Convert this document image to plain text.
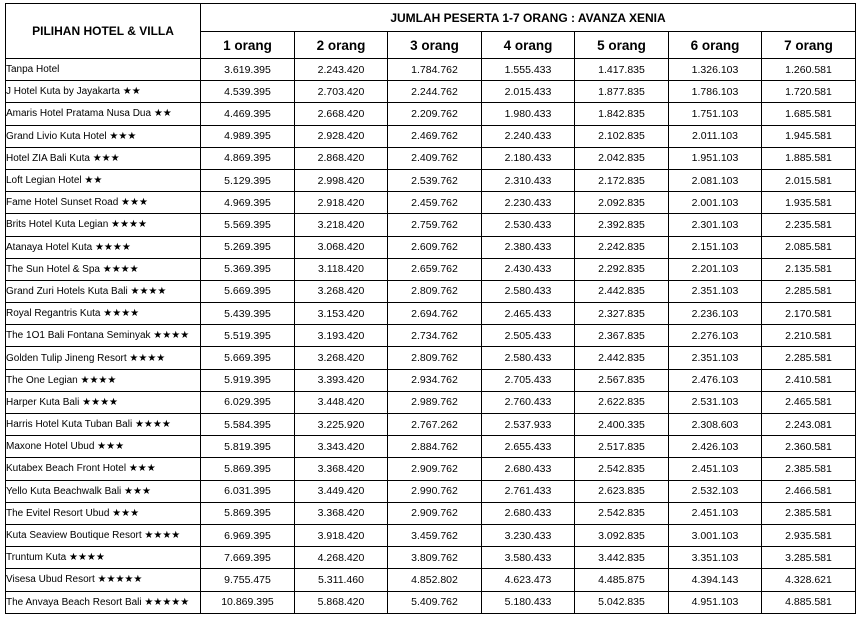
PILIHAN HOTEL & VILLA	JUMLAH PESERTA 1-7 ORANG : AVANZA XENIA						
	1 orang	2 orang	3 orang	4 orang	5 orang	6 orang	7 orang
Tanpa Hotel	3.619.395	2.243.420	1.784.762	1.555.433	1.417.835	1.326.103	1.260.581
J Hotel Kuta by Jayakarta ★★	4.539.395	2.703.420	2.244.762	2.015.433	1.877.835	1.786.103	1.720.581
Amaris Hotel Pratama Nusa Dua ★★	4.469.395	2.668.420	2.209.762	1.980.433	1.842.835	1.751.103	1.685.581
Grand Livio Kuta Hotel ★★★	4.989.395	2.928.420	2.469.762	2.240.433	2.102.835	2.011.103	1.945.581
Hotel ZIA Bali Kuta ★★★	4.869.395	2.868.420	2.409.762	2.180.433	2.042.835	1.951.103	1.885.581
Loft Legian Hotel ★★	5.129.395	2.998.420	2.539.762	2.310.433	2.172.835	2.081.103	2.015.581
Fame Hotel Sunset Road ★★★	4.969.395	2.918.420	2.459.762	2.230.433	2.092.835	2.001.103	1.935.581
Brits Hotel Kuta Legian ★★★★	5.569.395	3.218.420	2.759.762	2.530.433	2.392.835	2.301.103	2.235.581
Atanaya Hotel Kuta ★★★★	5.269.395	3.068.420	2.609.762	2.380.433	2.242.835	2.151.103	2.085.581
The Sun Hotel & Spa ★★★★	5.369.395	3.118.420	2.659.762	2.430.433	2.292.835	2.201.103	2.135.581
Grand Zuri Hotels Kuta Bali ★★★★	5.669.395	3.268.420	2.809.762	2.580.433	2.442.835	2.351.103	2.285.581
Royal Regantris Kuta ★★★★	5.439.395	3.153.420	2.694.762	2.465.433	2.327.835	2.236.103	2.170.581
The 1O1 Bali Fontana Seminyak ★★★★	5.519.395	3.193.420	2.734.762	2.505.433	2.367.835	2.276.103	2.210.581
Golden Tulip Jineng Resort ★★★★	5.669.395	3.268.420	2.809.762	2.580.433	2.442.835	2.351.103	2.285.581
The One Legian ★★★★	5.919.395	3.393.420	2.934.762	2.705.433	2.567.835	2.476.103	2.410.581
Harper Kuta Bali ★★★★	6.029.395	3.448.420	2.989.762	2.760.433	2.622.835	2.531.103	2.465.581
Harris Hotel Kuta Tuban Bali ★★★★	5.584.395	3.225.920	2.767.262	2.537.933	2.400.335	2.308.603	2.243.081
Maxone Hotel Ubud ★★★	5.819.395	3.343.420	2.884.762	2.655.433	2.517.835	2.426.103	2.360.581
Kutabex Beach Front Hotel ★★★	5.869.395	3.368.420	2.909.762	2.680.433	2.542.835	2.451.103	2.385.581
Yello Kuta Beachwalk Bali ★★★	6.031.395	3.449.420	2.990.762	2.761.433	2.623.835	2.532.103	2.466.581
The Evitel Resort Ubud ★★★	5.869.395	3.368.420	2.909.762	2.680.433	2.542.835	2.451.103	2.385.581
Kuta Seaview Boutique Resort ★★★★	6.969.395	3.918.420	3.459.762	3.230.433	3.092.835	3.001.103	2.935.581
Truntum Kuta ★★★★	7.669.395	4.268.420	3.809.762	3.580.433	3.442.835	3.351.103	3.285.581
Visesa Ubud Resort ★★★★★	9.755.475	5.311.460	4.852.802	4.623.473	4.485.875	4.394.143	4.328.621
The Anvaya Beach Resort Bali ★★★★★	10.869.395	5.868.420	5.409.762	5.180.433	5.042.835	4.951.103	4.885.581
